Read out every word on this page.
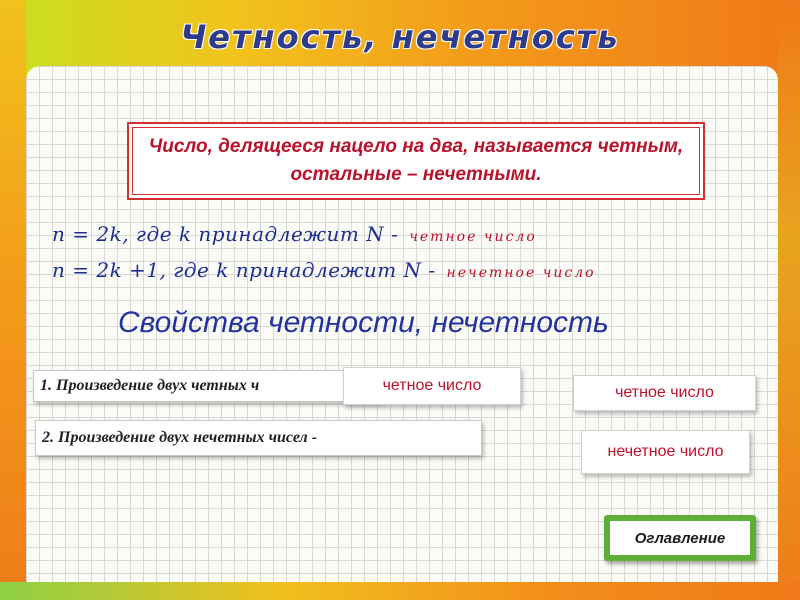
Четность, нечетность
Число, делящееся нацело на два, называется четным, остальные – нечетными.
n = 2k, где k принадлежит N - четное число
n = 2k +1, где k принадлежит N - нечетное число
Свойства четности, нечетность
1. Произведение двух четных ч	четное число	четное число
2. Произведение двух нечетных чисел -
нечетное число
Оглавление
